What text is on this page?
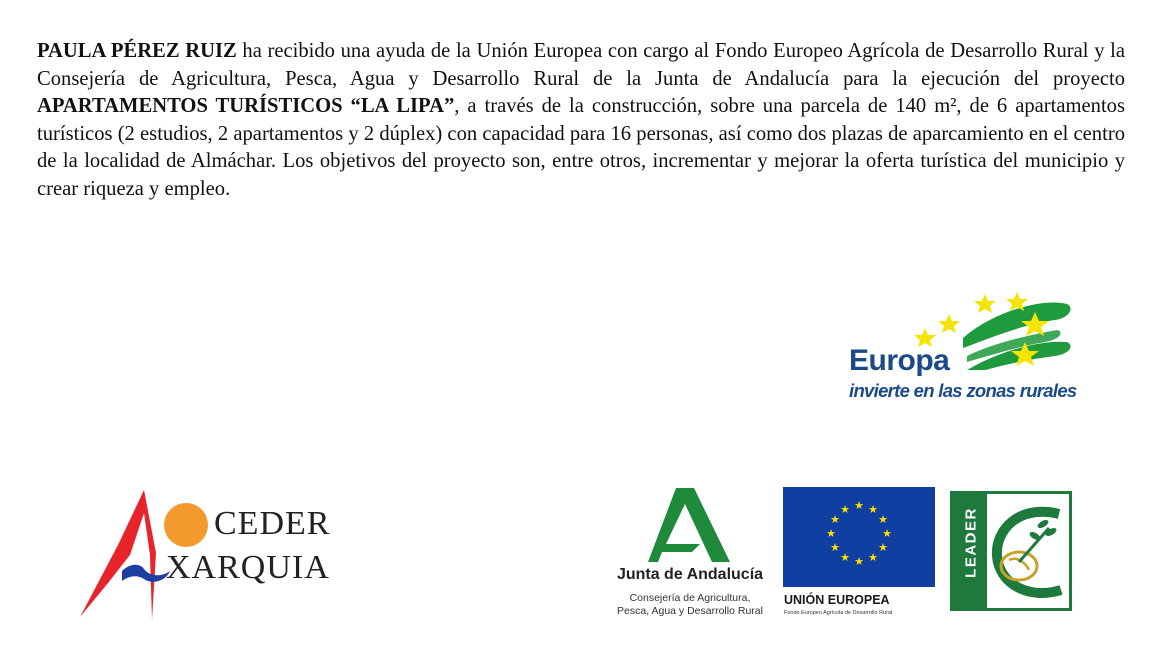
PAULA PÉREZ RUIZ ha recibido una ayuda de la Unión Europea con cargo al Fondo Europeo Agrícola de Desarrollo Rural y la Consejería de Agricultura, Pesca, Agua y Desarrollo Rural de la Junta de Andalucía para la ejecución del proyecto APARTAMENTOS TURÍSTICOS “LA LIPA”, a través de la construcción, sobre una parcela de 140 m², de 6 apartamentos turísticos (2 estudios, 2 apartamentos y 2 dúplex) con capacidad para 16 personas, así como dos plazas de aparcamiento en el centro de la localidad de Almáchar. Los objetivos del proyecto son, entre otros, incrementar y mejorar la oferta turística del municipio y crear riqueza y empleo.

Europa
invierte en las zonas rurales
CEDER
XARQUIA	Junta de Andalucía
Consejería de Agricultura,
Pesca, Agua y Desarrollo Rural
★ ★
★
★
★
★
★
★
★
★
★
★
UNIÓN EUROPEA
Fondo Europeo Agrícola de Desarrollo Rural
LEADER
